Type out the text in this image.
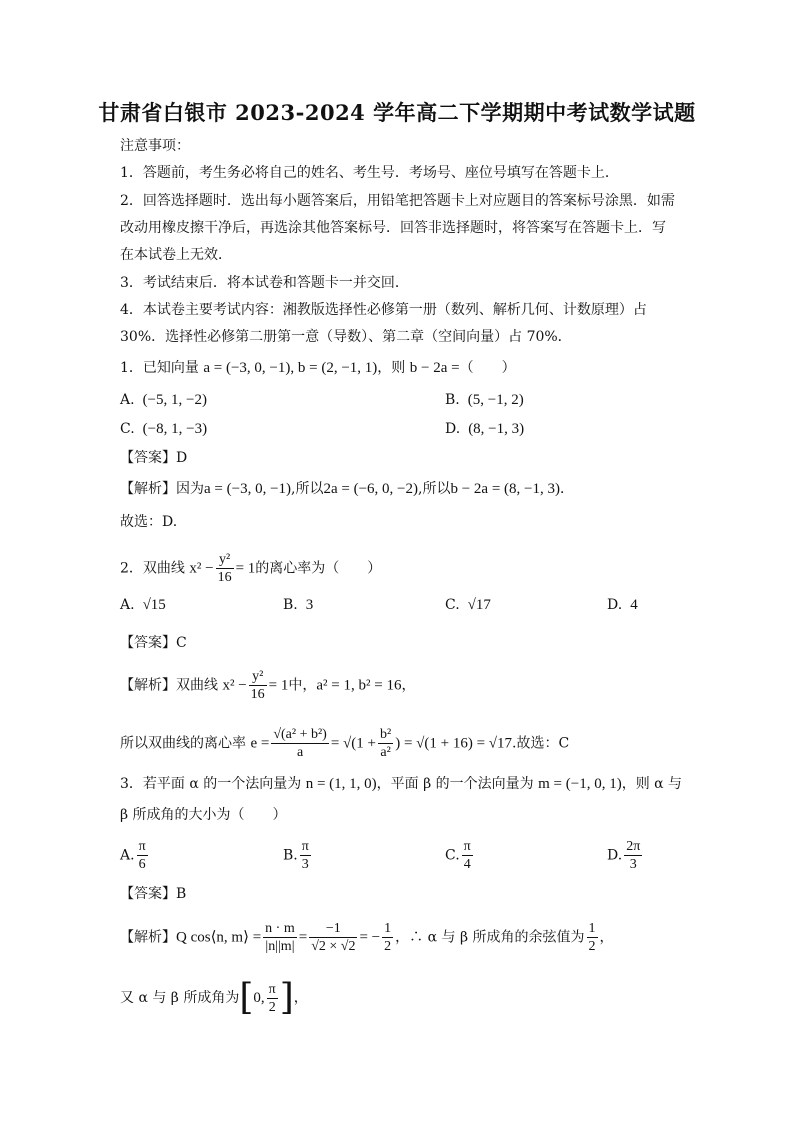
甘肃省白银市 2023-2024 学年高二下学期期中考试数学试题
注意事项：
1．答题前，考生务必将自己的姓名、考生号．考场号、座位号填写在答题卡上．
2．回答选择题时．选出每小题答案后，用铅笔把答题卡上对应题目的答案标号涂黑．如需
改动用橡皮擦干净后，再选涂其他答案标号．回答非选择题时，将答案写在答题卡上．写
在本试卷上无效．
3．考试结束后．将本试卷和答题卡一并交回．
4．本试卷主要考试内容：湘教版选择性必修第一册（数列、解析几何、计数原理）占
30%．选择性必修第二册第一意（导数）、第二章（空间向量）占 70%．
1．已知向量 a = (−3, 0, −1), b = (2, −1, 1)，则 b − 2a =（　　）
A. (−5, 1, −2)	B. (5, −1, 2)
C. (−8, 1, −3)	D. (8, −1, 3)
【答案】D
【解析】因为a = (−3, 0, −1),所以2a = (−6, 0, −2),所以b − 2a = (8, −1, 3)．
故选：D.
2．双曲线 $x^2 - \frac{\text{y²}}{16} = 1$的离心率为（　　）
A. √15	B. 3	C. √17	D. 4
【答案】C
【解析】双曲线 $x^2 - \frac{\text{y²}}{16} = 1$中，a² = 1, b² = 16，
所以双曲线的离心率 $e = \frac{\text{√(a² + b²)}}{a} = √(1 + \frac{\text{b²}}{\text{a²}}$ ) = √(1 + 16) = √17.故选：C
3．若平面 α 的一个法向量为 n = (1, 1, 0)，平面 β 的一个法向量为 m = (−1, 0, 1)，则 α 与
β 所成角的大小为（　　）
A. $\frac{\pi}{6}$	B. $\frac{\pi}{3}$	C. $\frac{\pi}{4}$	D. $\frac{2\pi}{3}$
【答案】B
【解析】Q cos⟨n, m⟩ = $\frac{n \cdot m}{|n||m|} = \frac{-1}{√2 \times √2}$ = − $\frac{1}{2}$ ，∴ α 与 β 所成角的余弦值为 $\frac{1}{2}$ ，
又 α 与 β 所成角为[0, $\frac{\pi}{2}$ ]，
